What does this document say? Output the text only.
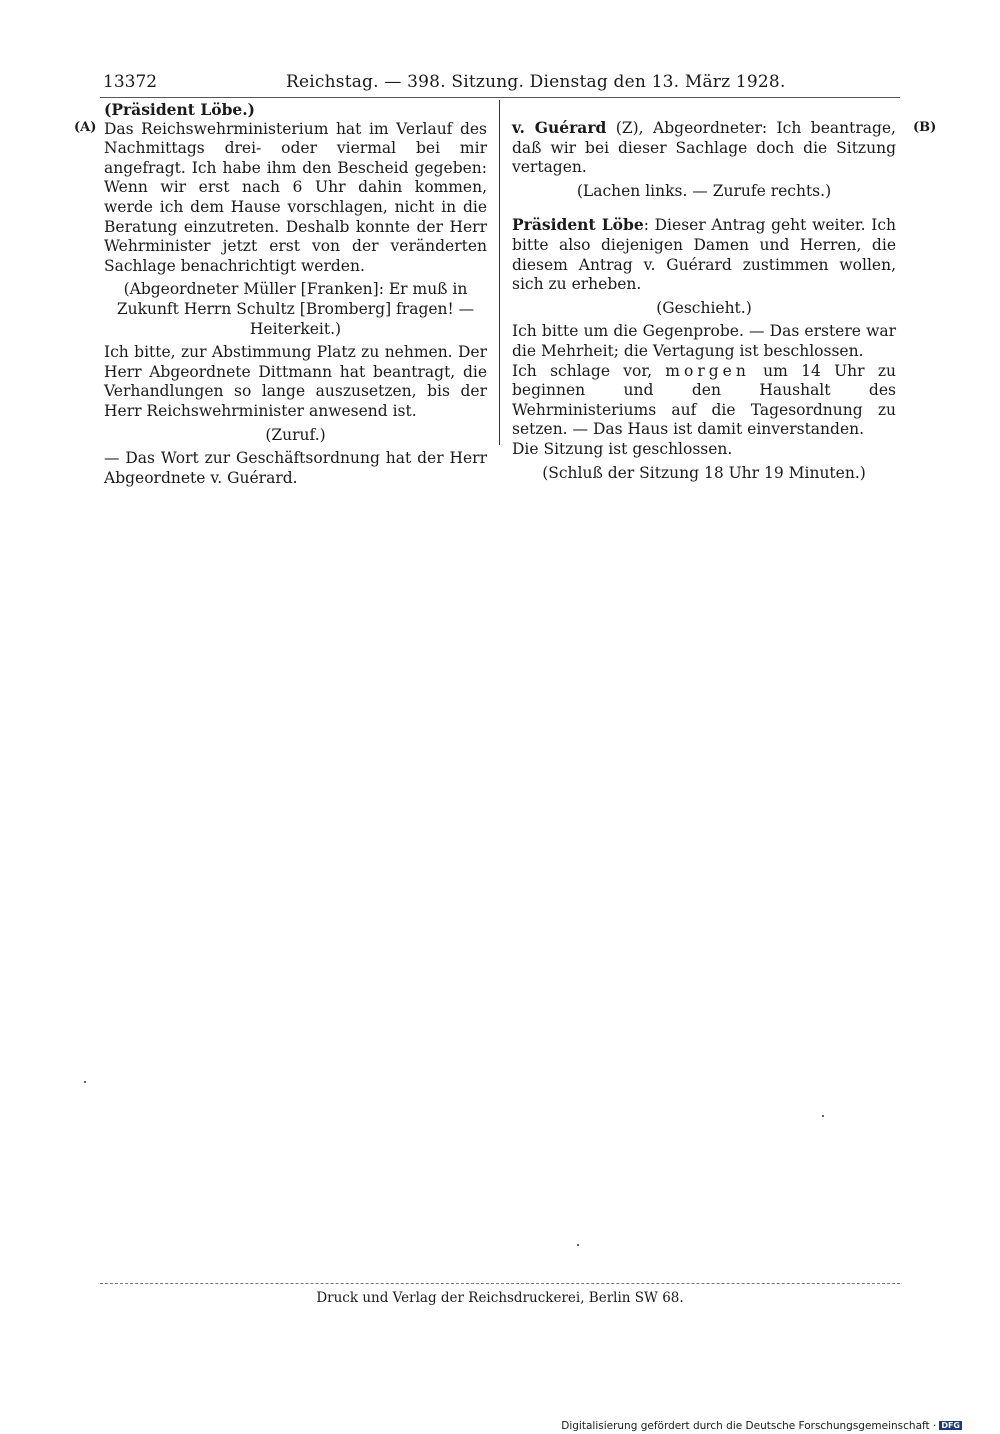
13372	Reichstag. — 398. Sitzung. Dienstag den 13. März 1928.
(A)	(B)

(Präsident Löbe.)

Das Reichswehrministerium hat im Verlauf des Nachmittags drei- oder viermal bei mir angefragt. Ich habe ihm den Bescheid gegeben: Wenn wir erst nach 6 Uhr dahin kommen, werde ich dem Hause vorschlagen, nicht in die Beratung einzutreten. Deshalb konnte der Herr Wehrminister jetzt erst von der veränderten Sachlage benachrichtigt werden.

(Abgeordneter Müller [Franken]: Er muß in Zukunft Herrn Schultz [Bromberg] fragen! — Heiterkeit.)

Ich bitte, zur Abstimmung Platz zu nehmen. Der Herr Abgeordnete Dittmann hat beantragt, die Verhandlungen so lange auszusetzen, bis der Herr Reichswehrminister anwesend ist.

(Zuruf.)

— Das Wort zur Geschäftsordnung hat der Herr Abgeordnete v. Guérard.

v. Guérard (Z), Abgeordneter: Ich beantrage, daß wir bei dieser Sachlage doch die Sitzung vertagen.

(Lachen links. — Zurufe rechts.)

Präsident Löbe: Dieser Antrag geht weiter. Ich bitte also diejenigen Damen und Herren, die diesem Antrag v. Guérard zustimmen wollen, sich zu erheben.

(Geschieht.)

Ich bitte um die Gegenprobe. — Das erstere war die Mehrheit; die Vertagung ist beschlossen.

Ich schlage vor, morgen um 14 Uhr zu beginnen und den Haushalt des Wehrministeriums auf die Tagesordnung zu setzen. — Das Haus ist damit einverstanden.

Die Sitzung ist geschlossen.

(Schluß der Sitzung 18 Uhr 19 Minuten.)

Druck und Verlag der Reichsdruckerei, Berlin SW 68.
Digitalisierung gefördert durch die Deutsche Forschungsgemeinschaft · DFG
